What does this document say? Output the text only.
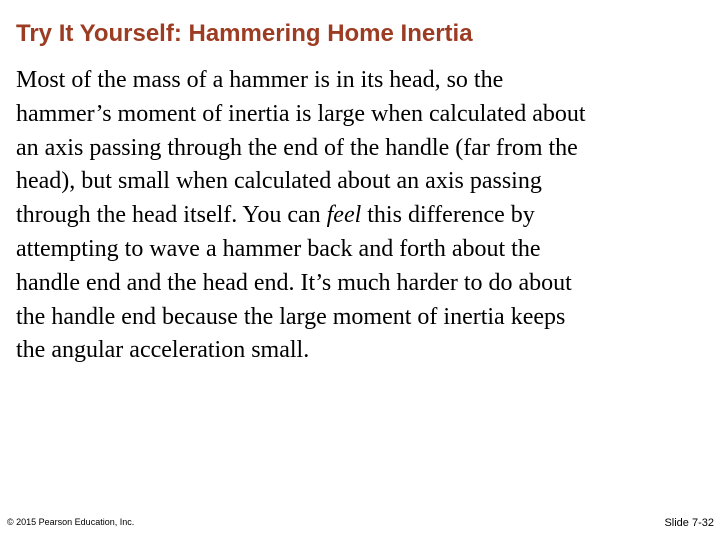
Try It Yourself: Hammering Home Inertia
Most of the mass of a hammer is in its head, so the
hammer’s moment of inertia is large when calculated about
an axis passing through the end of the handle (far from the
head), but small when calculated about an axis passing
through the head itself. You can feel this difference by
attempting to wave a hammer back and forth about the
handle end and the head end. It’s much harder to do about
the handle end because the large moment of inertia keeps
the angular acceleration small.
© 2015 Pearson Education, Inc.	Slide 7-32
